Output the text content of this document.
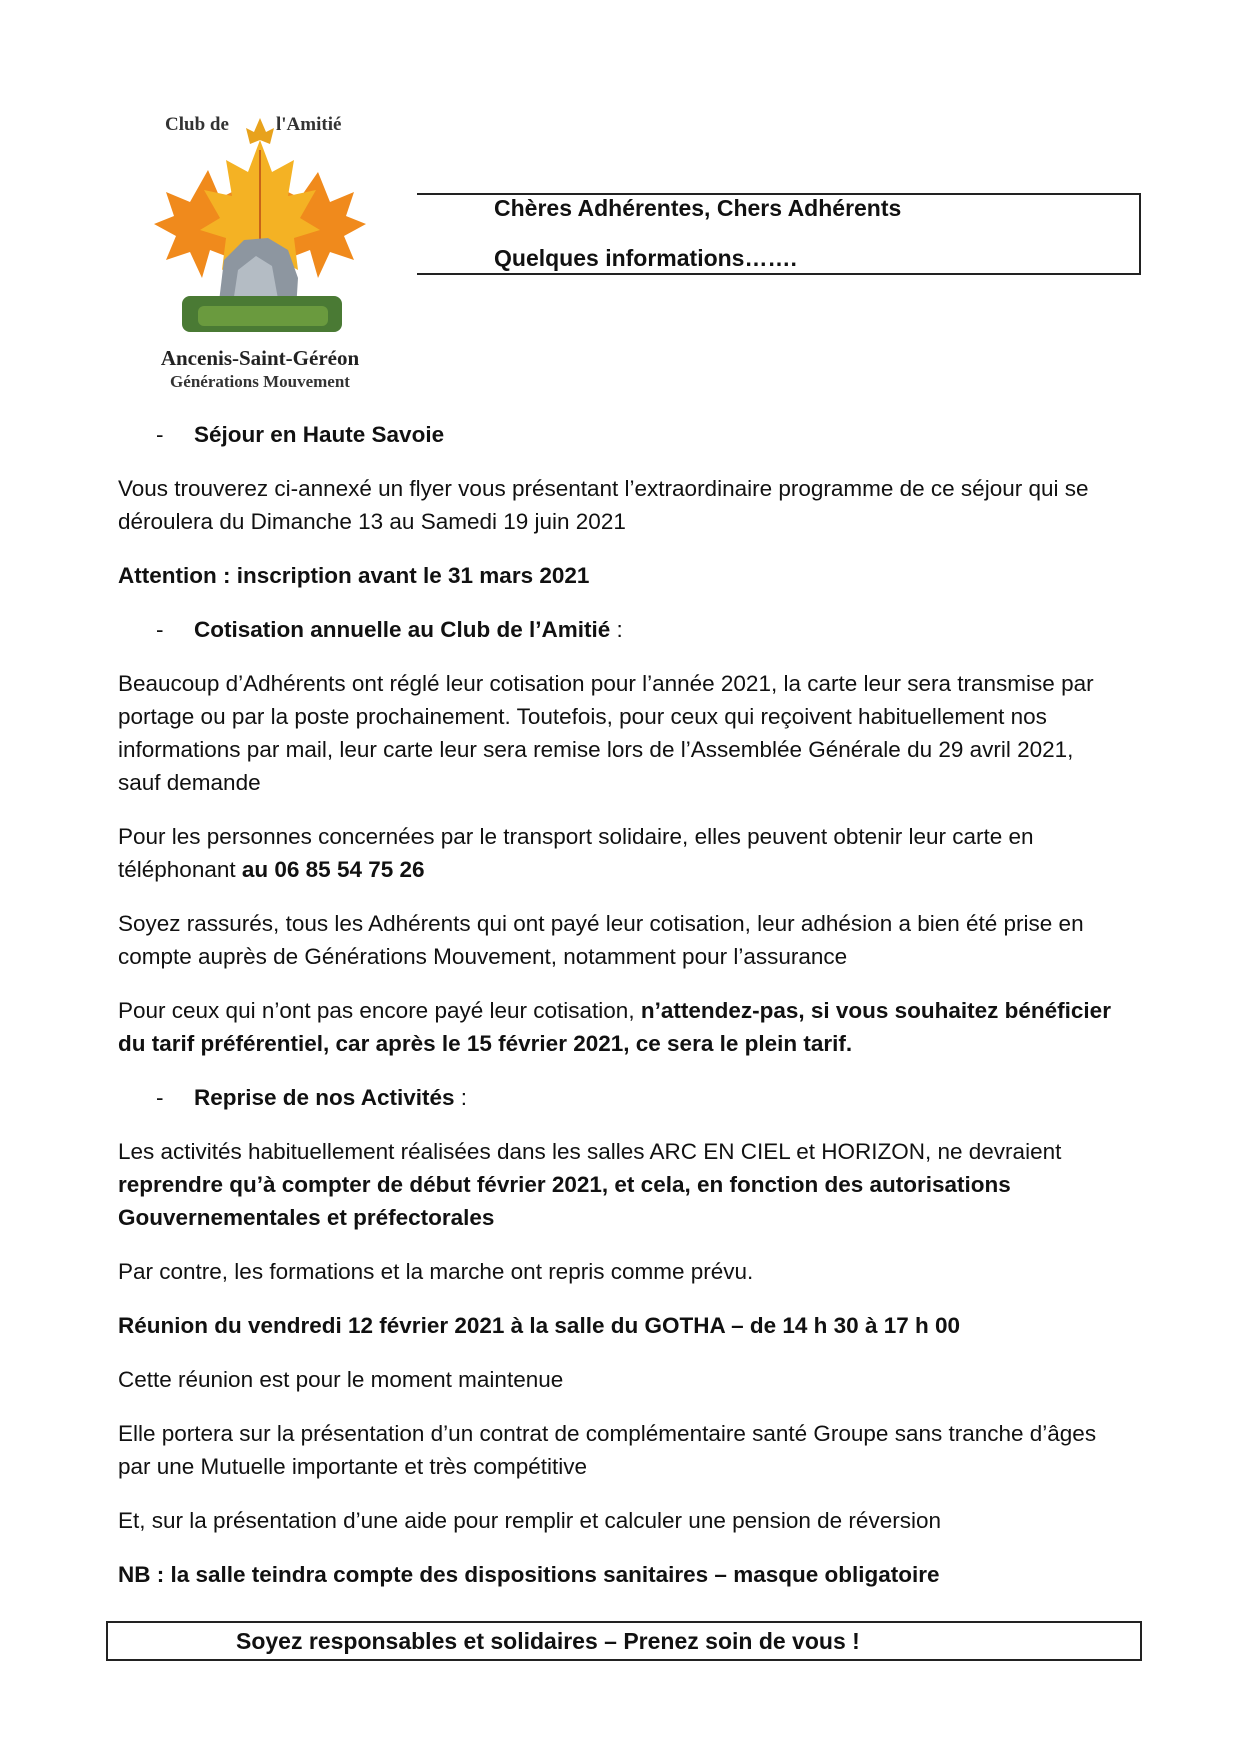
Club de l'Amitié
Ancenis-Saint-Géréon
Générations Mouvement
Chères Adhérentes, Chers Adhérents
Quelques informations…….
- Séjour en Haute Savoie

Vous trouverez ci-annexé un flyer vous présentant l’extraordinaire programme de ce séjour qui se déroulera du Dimanche 13 au Samedi 19 juin 2021

Attention : inscription avant le 31 mars 2021

- Cotisation annuelle au Club de l’Amitié :

Beaucoup d’Adhérents ont réglé leur cotisation pour l’année 2021, la carte leur sera transmise par portage ou par la poste prochainement. Toutefois, pour ceux qui reçoivent habituellement nos informations par mail, leur carte leur sera remise lors de l’Assemblée Générale du 29 avril 2021, sauf demande

Pour les personnes concernées par le transport solidaire, elles peuvent obtenir leur carte en téléphonant au 06 85 54 75 26

Soyez rassurés, tous les Adhérents qui ont payé leur cotisation, leur adhésion a bien été prise en compte auprès de Générations Mouvement, notamment pour l’assurance

Pour ceux qui n’ont pas encore payé leur cotisation, n’attendez-pas, si vous souhaitez bénéficier du tarif préférentiel, car après le 15 février 2021, ce sera le plein tarif.

- Reprise de nos Activités :

Les activités habituellement réalisées dans les salles ARC EN CIEL et HORIZON, ne devraient reprendre qu’à compter de début février 2021, et cela, en fonction des autorisations Gouvernementales et préfectorales

Par contre, les formations et la marche ont repris comme prévu.

Réunion du vendredi 12 février 2021 à la salle du GOTHA – de 14 h 30 à 17 h 00

Cette réunion est pour le moment maintenue

Elle portera sur la présentation d’un contrat de complémentaire santé Groupe sans tranche d’âges par une Mutuelle importante et très compétitive

Et, sur la présentation d’une aide pour remplir et calculer une pension de réversion

NB : la salle teindra compte des dispositions sanitaires – masque obligatoire

Soyez responsables et solidaires – Prenez soin de vous !
